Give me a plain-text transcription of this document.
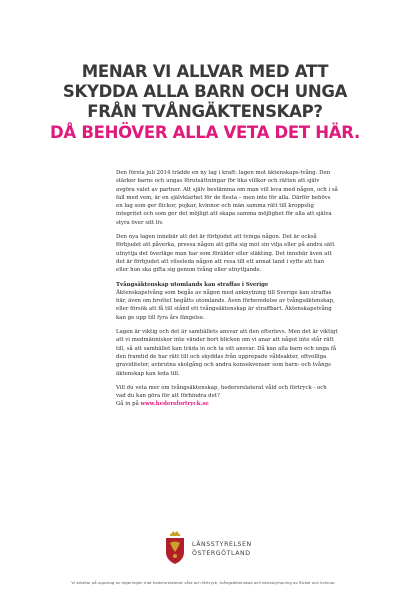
MENAR VI ALLVAR MED ATT
SKYDDA ALLA BARN OCH UNGA
FRÅN TVÅNGÄKTENSKAP?
DÅ BEHÖVER ALLA VETA DET HÄR.

Den första juli 2014 trädde en ny lag i kraft: lagen mot äktenskaps-tvång. Den stärker barns och ungas förutsättningar för lika villkor och rätten att själv avgöra valet av partner. Att själv bestämma om man vill leva med någon, och i så fall med vem, är en självklarhet för de flesta – men inte för alla. Därför behövs en lag som ger flickor, pojkar, kvinnor och män samma rätt till kroppslig integritet och som ger det möjligt att skapa samma möjlighet för alla att själva styra över sitt liv.

Den nya lagen innebär att det är förbjudet att tvinga någon. Det är också förbjudet att påverka, pressa någon att gifta sig mot sin vilja eller på andra sätt utnyttja det överläge man har som förälder eller släkting. Det innebär även att det är förbjudet att vilseleda någon att resa till ett annat land i syfte att han eller hon ska gifta sig genom tvång eller utnyttjande.

Tvångsäktenskap utomlands kan straffas i Sverige

Äktenskapstvång som begås av någon med anknytning till Sverige kan straffas här, även om brottet begåtts utomlands. Även förberedelse av tvångsäktenskap, eller försök att få till stånd ett tvångsäktenskap är straffbart. Äktenskapstvång kan ge upp till fyra års fängelse.

Lagen är viktig och det är samhällets ansvar att den efterlevs. Men det är viktigt att vi medmänniskor inte vänder bort blicken om vi anar att något inte står rätt till, så att samhället kan träda in och ta sitt ansvar. Då kan alla barn och unga få den framtid de har rätt till och skyddas från upprepade våldsakter, oftvolliga graviditeter, avbrutna skolgång och andra konsekvenser som barn- och tvångs äktenskap kan leda till.

Vill du veta mer om tvångsäktenskap, hedersrelaterat våld och förtryck - och vad du kan göra för att förhindra det?
Gå in på www.hedersfortryck.se

LÄNSSTYRELSEN
ÖSTERGÖTLAND
Vi arbetar på uppdrag av regeringen mot hedersrelaterat våld och förtryck, tvångsäktenskap och könsstympning av flickor och kvinnor.
